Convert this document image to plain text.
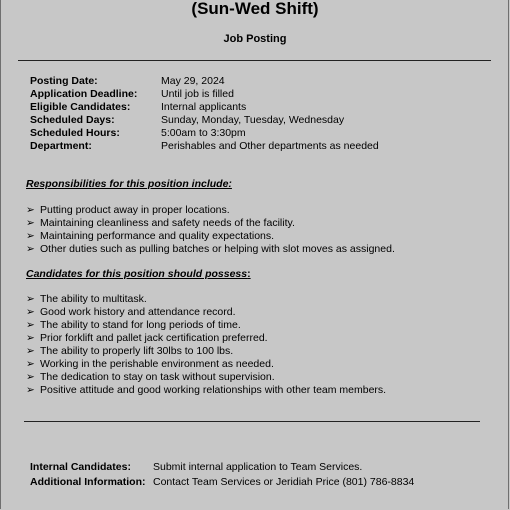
(Sun-Wed Shift)
Job Posting
Posting Date:	May 29, 2024
Application Deadline:	Until job is filled
Eligible Candidates:	Internal applicants
Scheduled Days:	Sunday, Monday, Tuesday, Wednesday
Scheduled Hours:	5:00am to 3:30pm
Department:	Perishables and Other departments as needed
Responsibilities for this position include:
➢ Putting product away in proper locations.
➢ Maintaining cleanliness and safety needs of the facility.
➢ Maintaining performance and quality expectations.
➢ Other duties such as pulling batches or helping with slot moves as assigned.
Candidates for this position should possess:
➢ The ability to multitask.
➢ Good work history and attendance record.
➢ The ability to stand for long periods of time.
➢ Prior forklift and pallet jack certification preferred.
➢ The ability to properly lift 30lbs to 100 lbs.
➢ Working in the perishable environment as needed.
➢ The dedication to stay on task without supervision.
➢ Positive attitude and good working relationships with other team members.
Internal Candidates:	Submit internal application to Team Services.
Additional Information: Contact Team Services or Jeridiah Price (801) 786-8834
